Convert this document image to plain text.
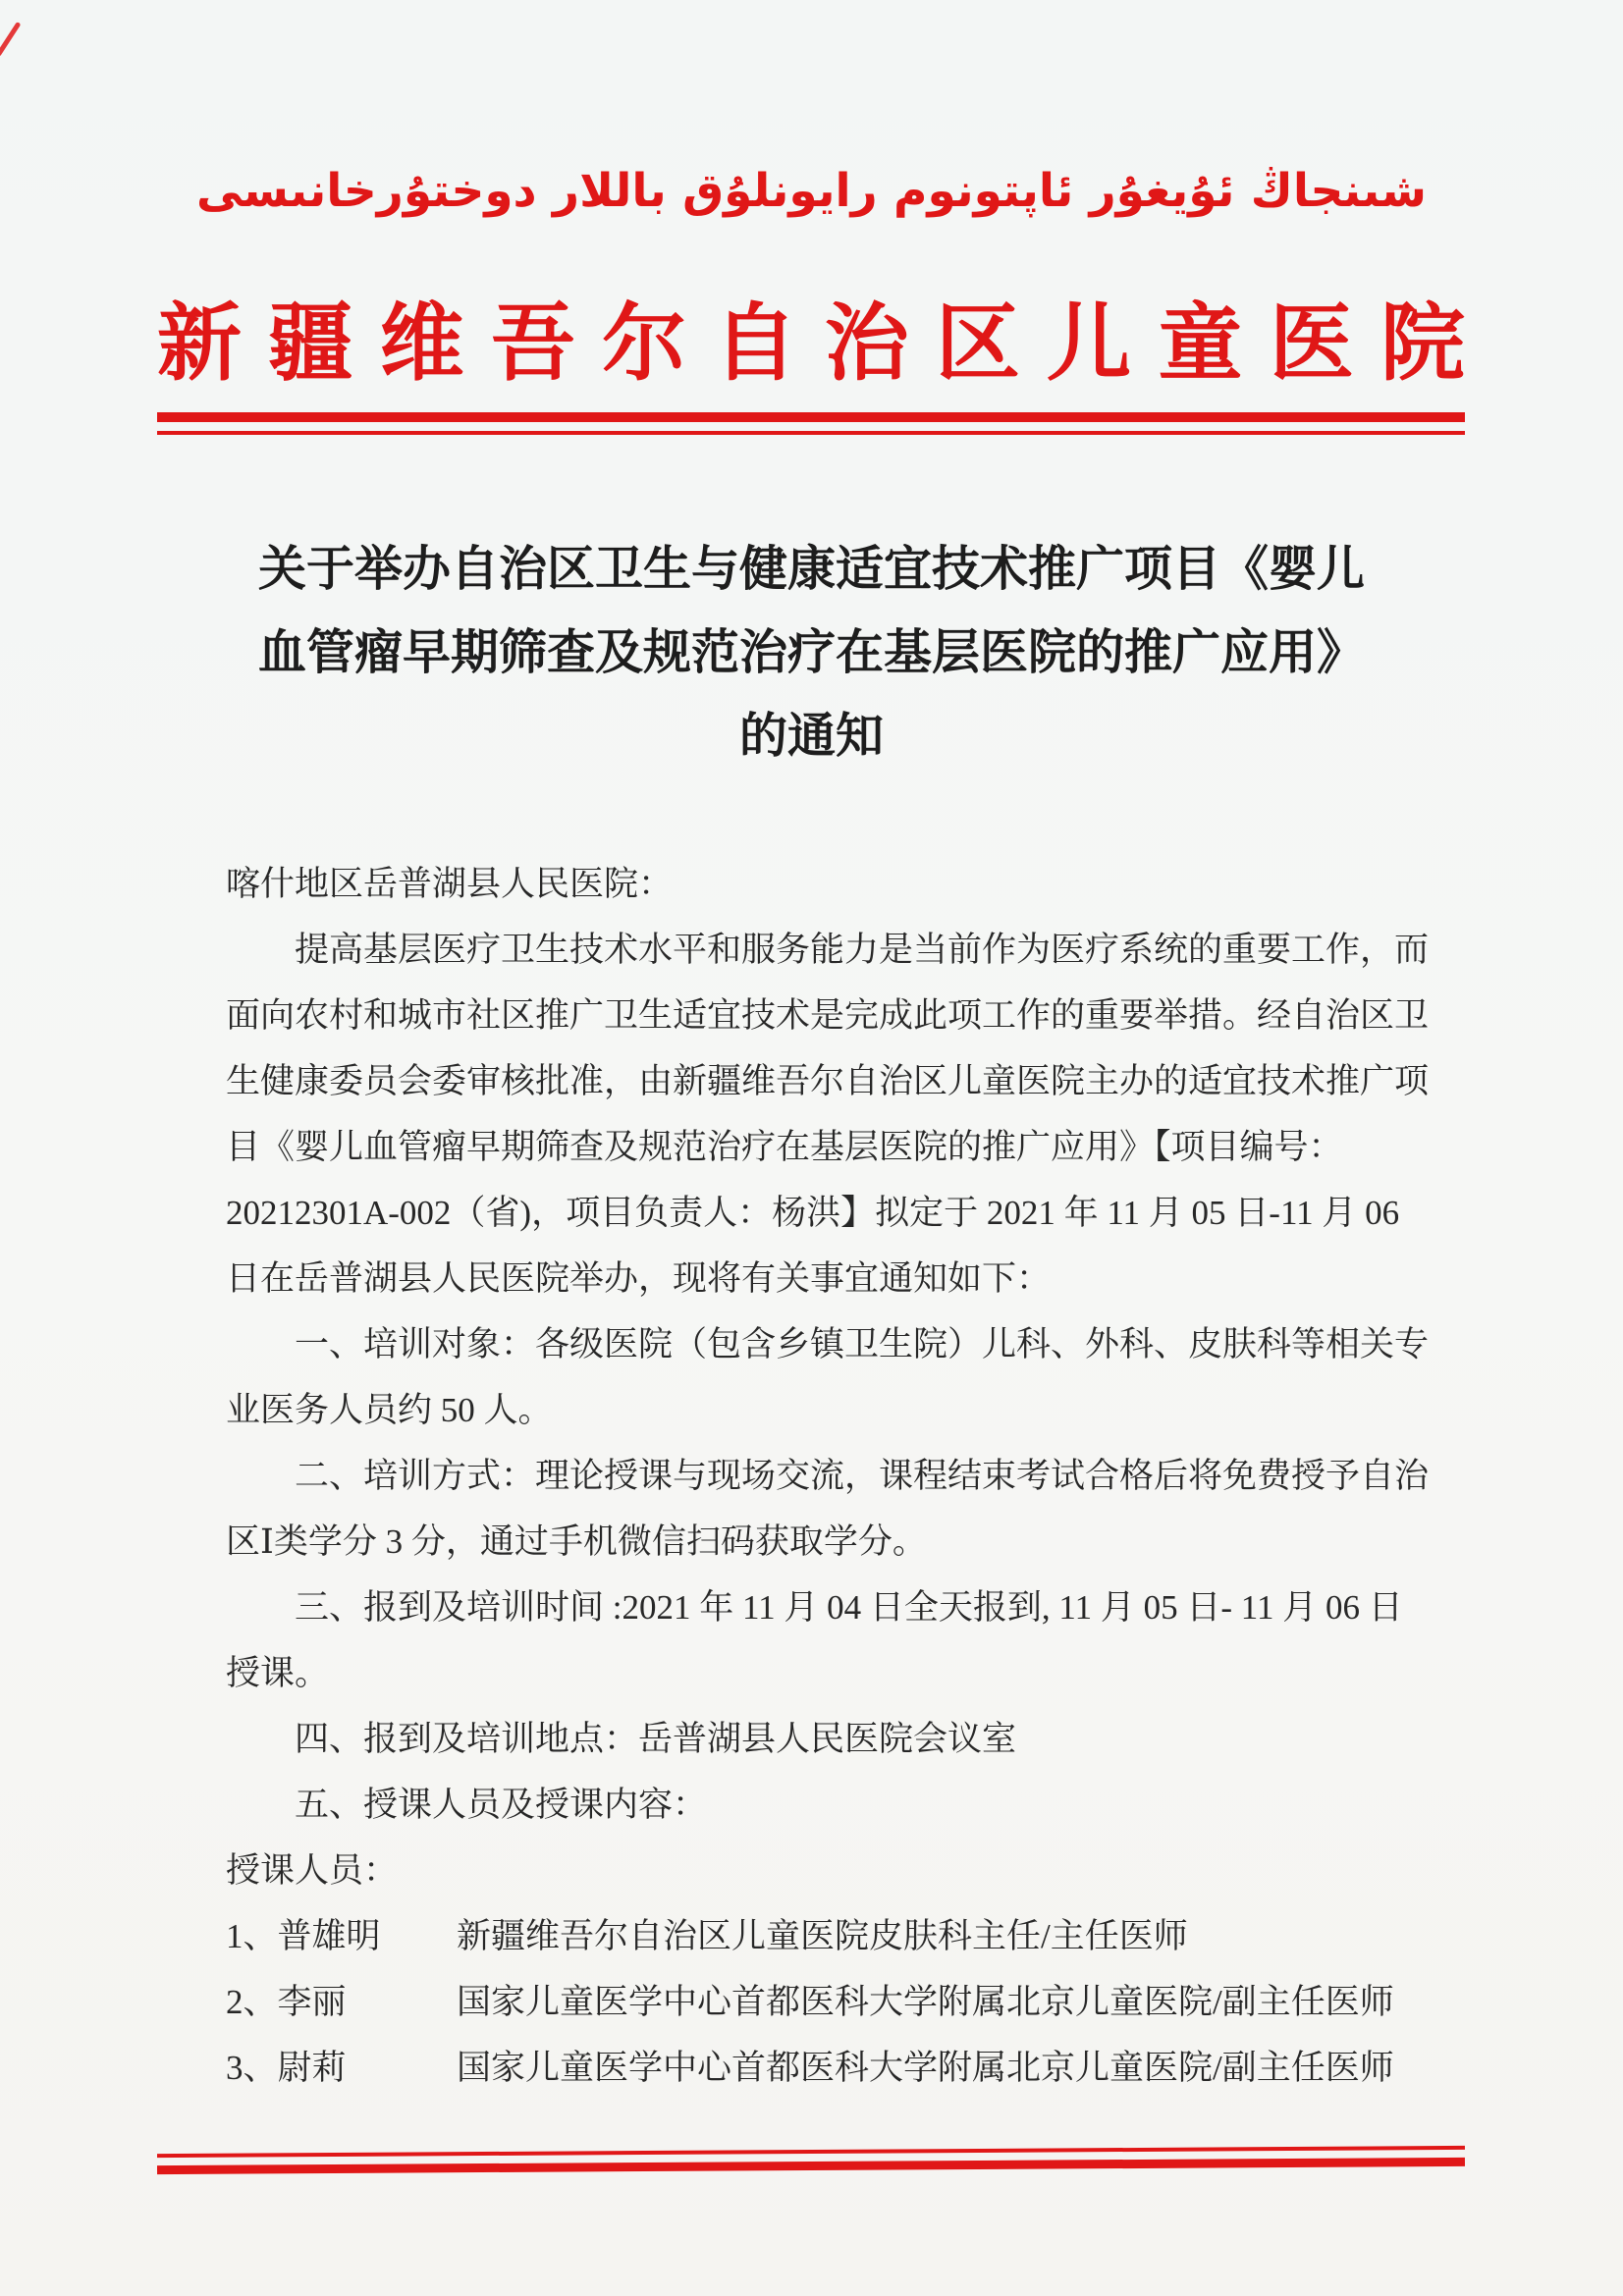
شىنجاڭ ئۇيغۇر ئاپتونوم رايونلۇق باللار دوختۇرخانىسى
新疆维吾尔自治区儿童医院
关于举办自治区卫生与健康适宜技术推广项目《婴儿
血管瘤早期筛查及规范治疗在基层医院的推广应用》
的通知
喀什地区岳普湖县人民医院：
提高基层医疗卫生技术水平和服务能力是当前作为医疗系统的重要工作，而
面向农村和城市社区推广卫生适宜技术是完成此项工作的重要举措。经自治区卫
生健康委员会委审核批准，由新疆维吾尔自治区儿童医院主办的适宜技术推广项
目《婴儿血管瘤早期筛查及规范治疗在基层医院的推广应用》【项目编号：
20212301A-002（省)，项目负责人：杨洪】拟定于 2021 年 11 月 05 日-11 月 06
日在岳普湖县人民医院举办，现将有关事宜通知如下：
一、培训对象：各级医院（包含乡镇卫生院）儿科、外科、皮肤科等相关专
业医务人员约 50 人。
二、培训方式：理论授课与现场交流，课程结束考试合格后将免费授予自治
区Ⅰ类学分 3 分，通过手机微信扫码获取学分。
三、报到及培训时间 :2021 年 11 月 04 日全天报到, 11 月 05 日- 11 月 06 日
授课。
四、报到及培训地点：岳普湖县人民医院会议室
五、授课人员及授课内容：
授课人员：
1、普雄明	新疆维吾尔自治区儿童医院皮肤科主任/主任医师
2、李丽	国家儿童医学中心首都医科大学附属北京儿童医院/副主任医师
3、尉莉	国家儿童医学中心首都医科大学附属北京儿童医院/副主任医师
